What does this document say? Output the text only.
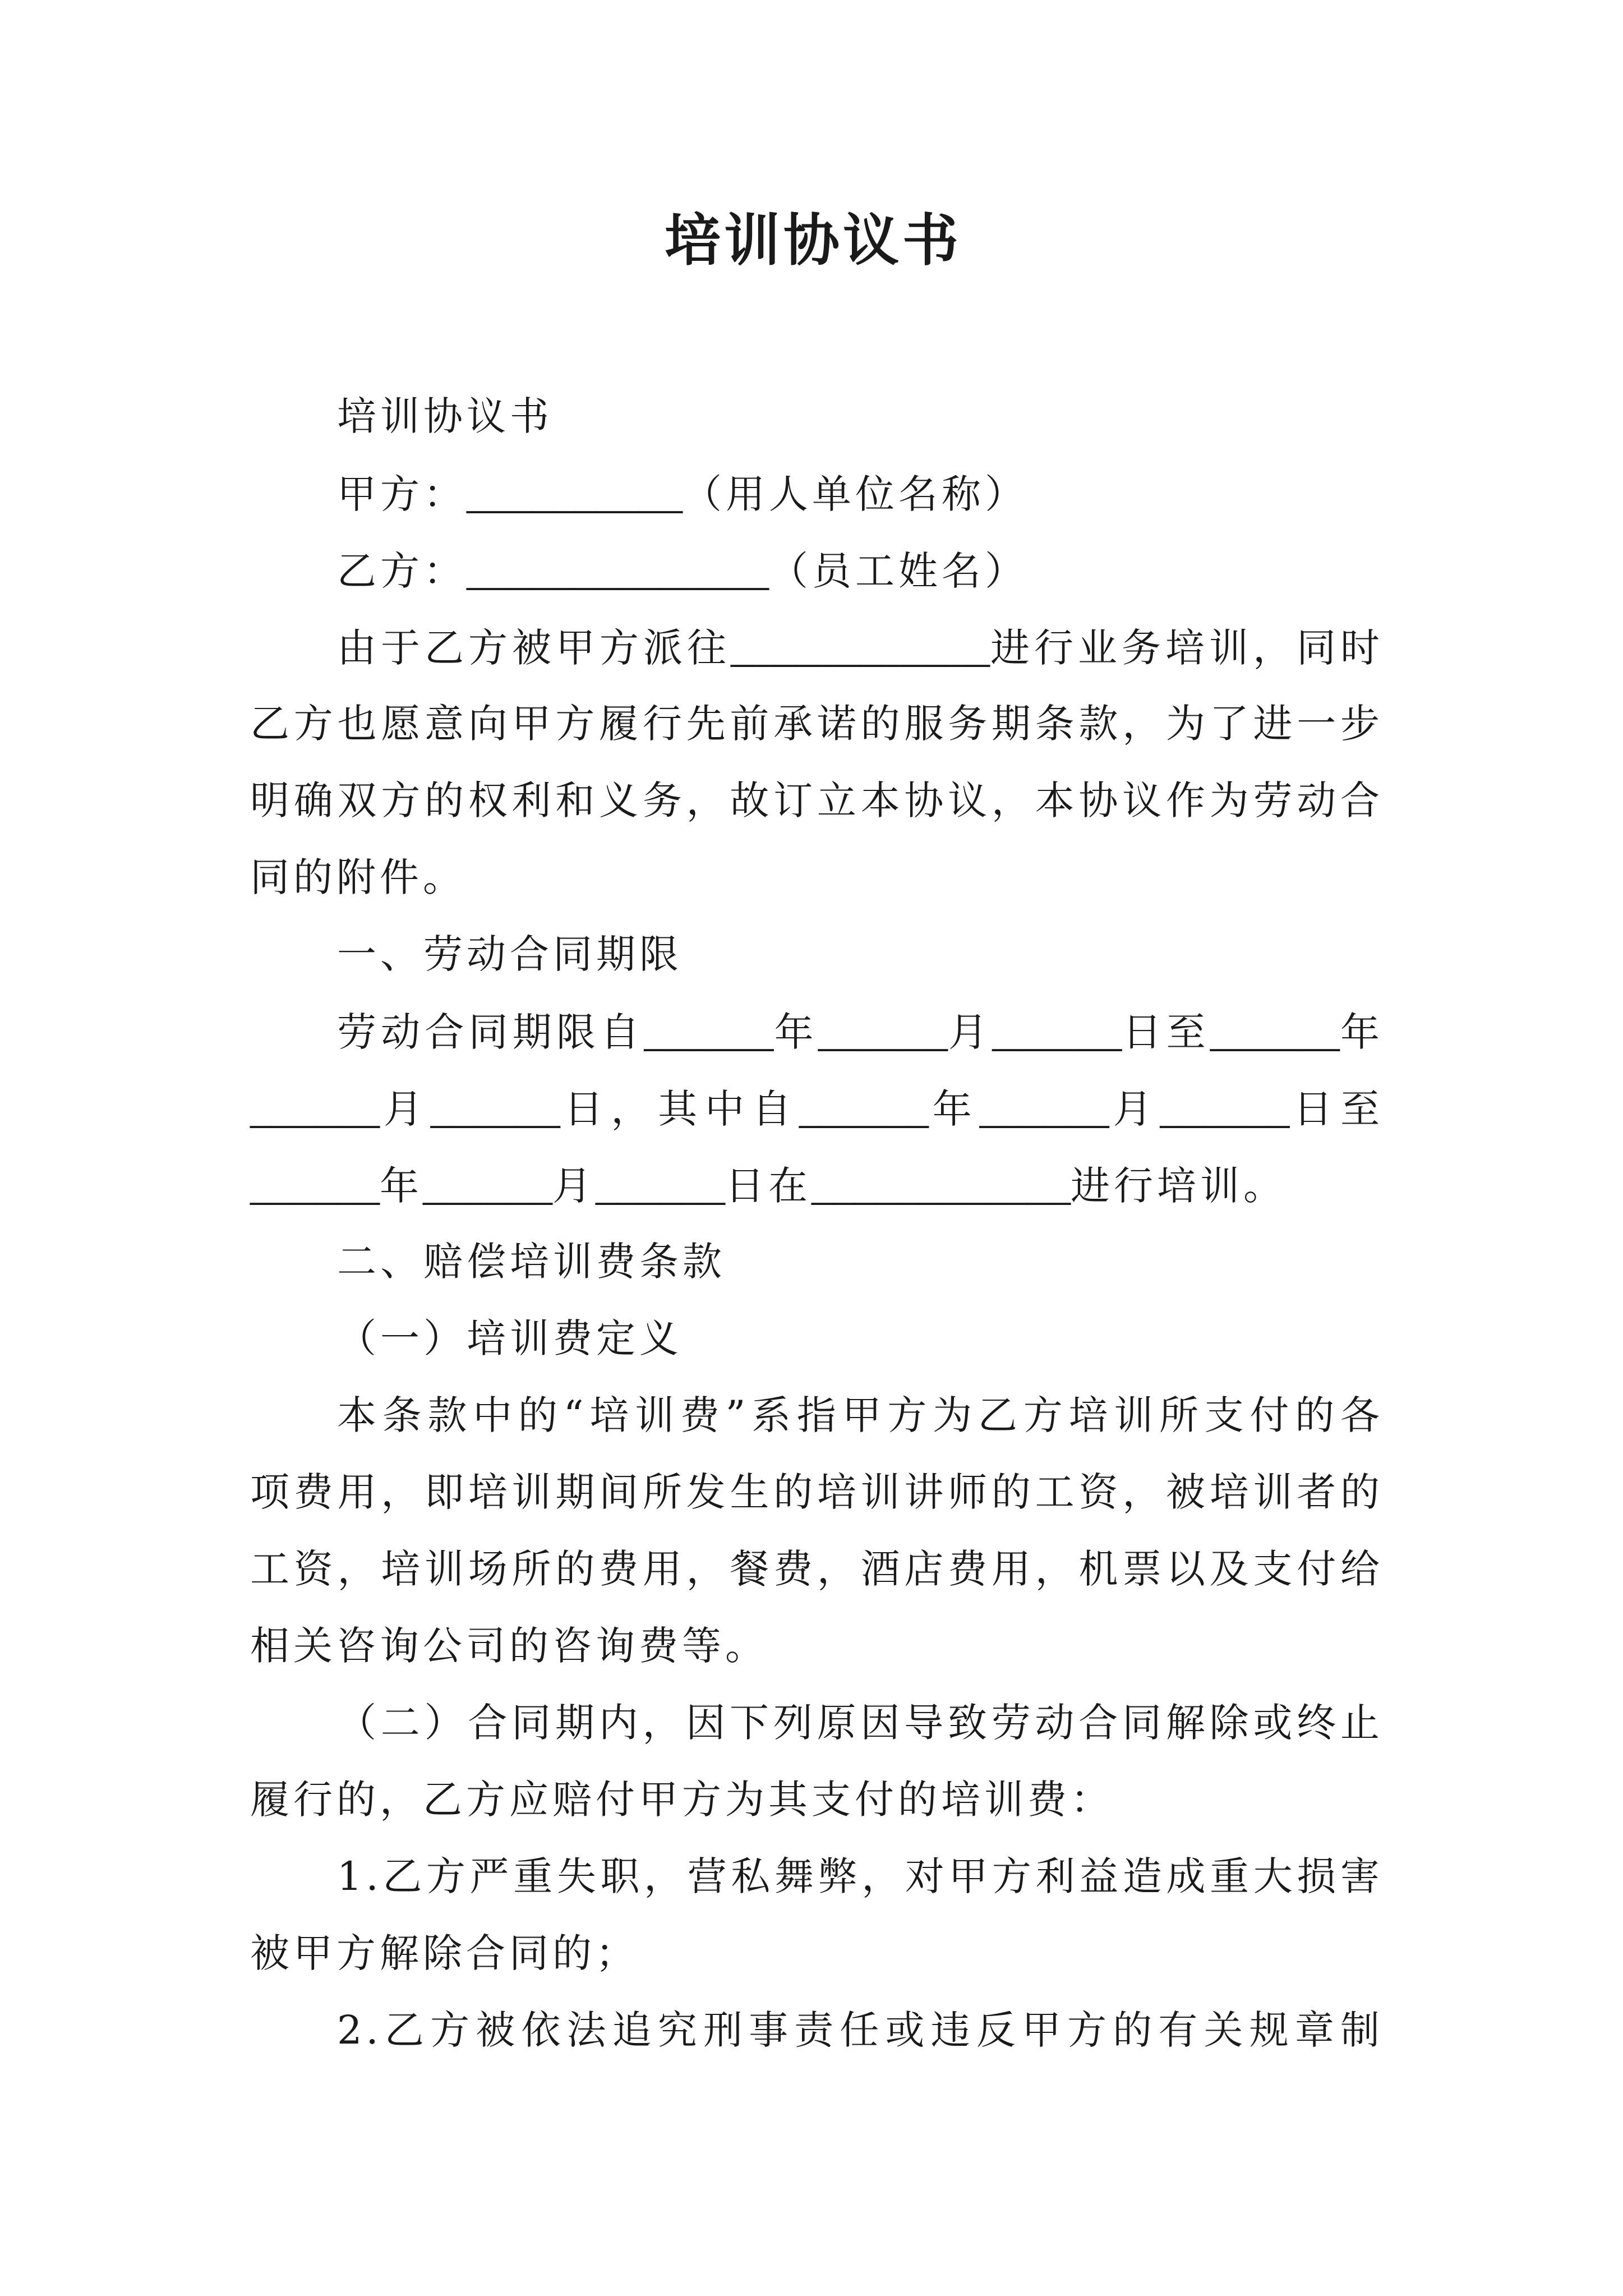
培训协议书
培训协议书
甲方：__________（用人单位名称）
乙方：______________（员工姓名）
由于乙方被甲方派往____________进行业务培训，同时
乙方也愿意向甲方履行先前承诺的服务期条款，为了进一步
明确双方的权利和义务，故订立本协议，本协议作为劳动合
同的附件。
一、劳动合同期限
劳动合同期限自______年______月______日至______年
______月______日，其中自______年______月______日至
______年______月______日在____________进行培训。
二、赔偿培训费条款
（一）培训费定义
本条款中的“培训费”系指甲方为乙方培训所支付的各
项费用，即培训期间所发生的培训讲师的工资，被培训者的
工资，培训场所的费用，餐费，酒店费用，机票以及支付给
相关咨询公司的咨询费等。
（二）合同期内，因下列原因导致劳动合同解除或终止
履行的，乙方应赔付甲方为其支付的培训费：
1.乙方严重失职，营私舞弊，对甲方利益造成重大损害
被甲方解除合同的；
2.乙方被依法追究刑事责任或违反甲方的有关规章制
